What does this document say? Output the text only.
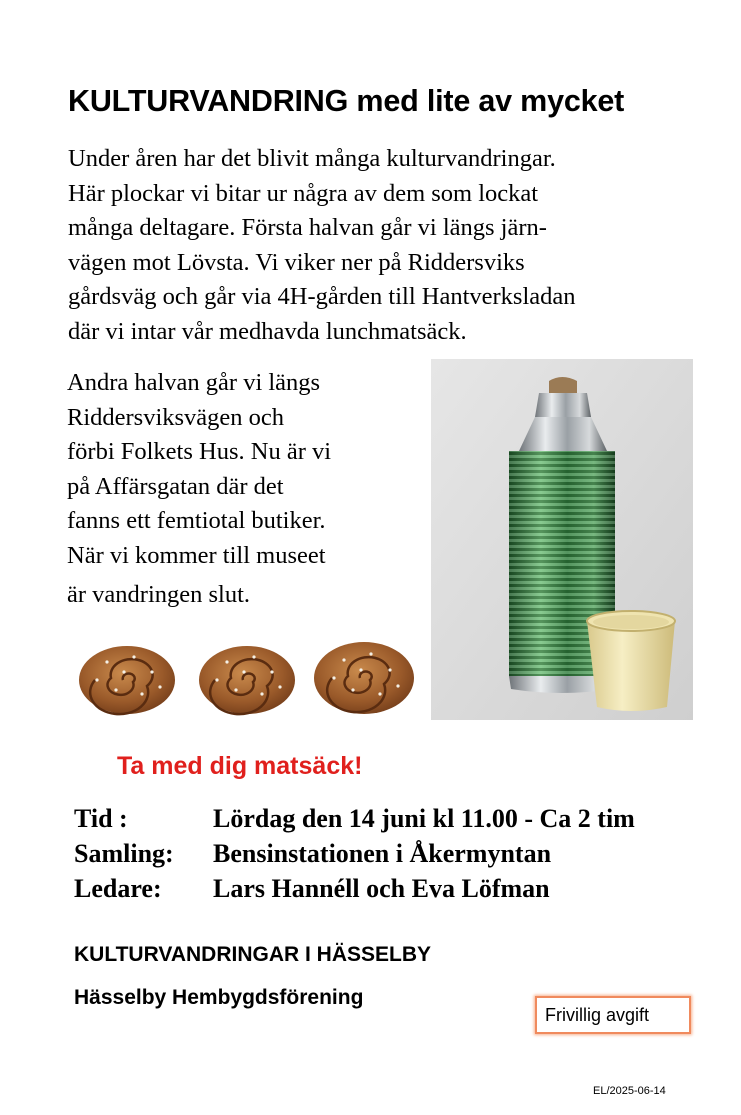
KULTURVANDRING med lite av mycket
Under åren har det blivit många kulturvandringar.
Här plockar vi bitar ur några av dem som lockat
många deltagare. Första halvan går vi längs järn-
vägen mot Lövsta. Vi viker ner på Riddersviks
gårdsväg och går via 4H-gården till Hantverksladan
där vi intar vår medhavda lunchmatsäck.
Andra halvan går vi längs
Riddersviksvägen och
förbi Folkets Hus. Nu är vi
på Affärsgatan där det
fanns ett femtiotal butiker.
När vi kommer till museet
är vandringen slut.
Ta med dig matsäck!
Tid :	Lördag den 14 juni kl 11.00 - Ca 2 tim
Samling: Bensinstationen i Åkermyntan
Ledare: Lars Hannéll och Eva Löfman
KULTURVANDRINGAR I HÄSSELBY
Hässelby Hembygdsförening
Frivillig avgift
EL/2025-06-14
